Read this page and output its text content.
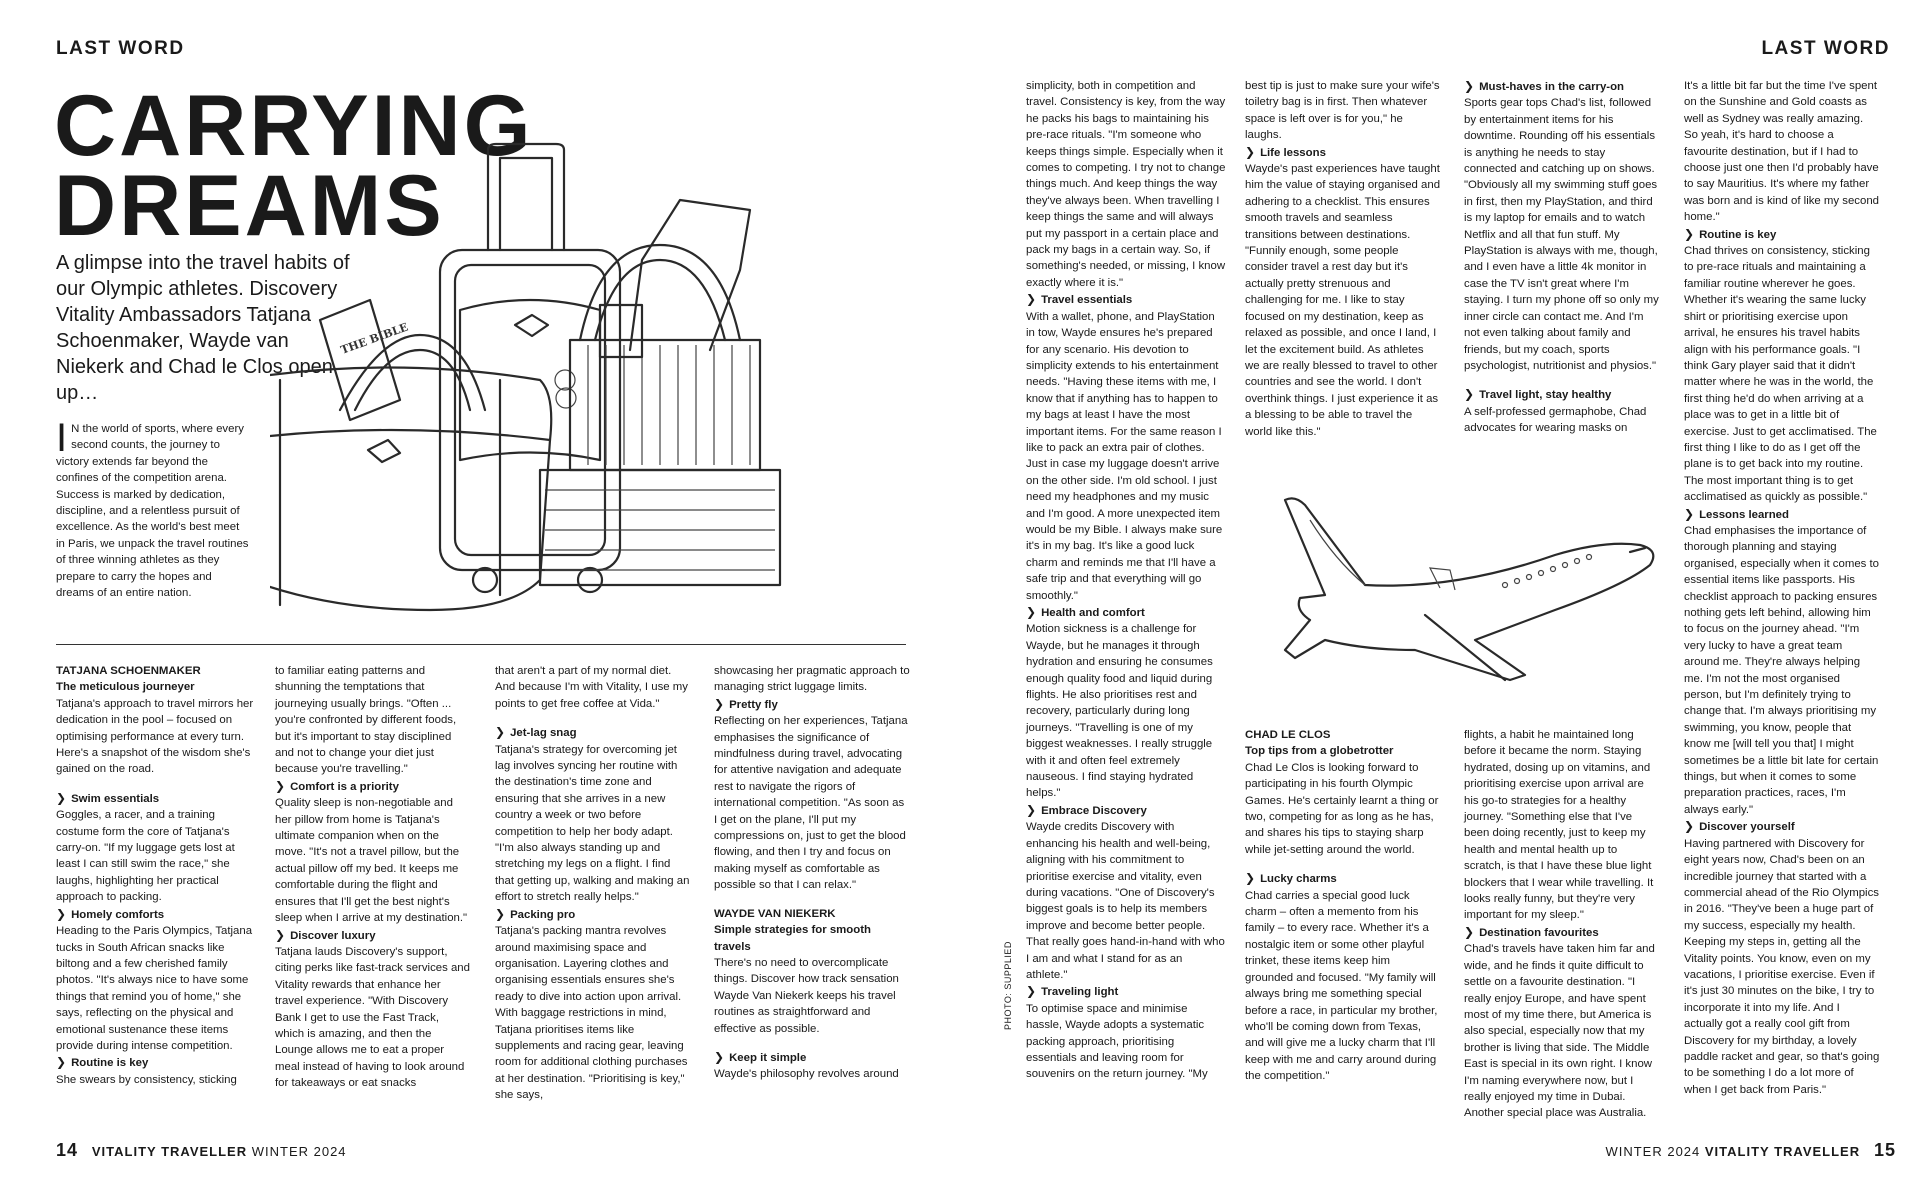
LAST WORD
CARRYING
DREAMS
A glimpse into the travel habits of our Olympic athletes. Discovery Vitality Ambassadors Tatjana Schoenmaker, Wayde van Niekerk and Chad le Clos open up…
I N the world of sports, where every second counts, the journey to victory extends far beyond the confines of the competition arena. Success is marked by dedication, discipline, and a relentless pursuit of excellence. As the world's best meet in Paris, we unpack the travel routines of three winning athletes as they prepare to carry the hopes and dreams of an entire nation.
THE BIBLE

TATJANA SCHOENMAKER

The meticulous journeyer

Tatjana's approach to travel mirrors her dedication in the pool – focused on optimising performance at every turn. Here's a snapshot of the wisdom she's gained on the road.

❯ Swim essentials

Goggles, a racer, and a training costume form the core of Tatjana's carry-on. "If my luggage gets lost at least I can still swim the race," she laughs, highlighting her practical approach to packing.

❯ Homely comforts

Heading to the Paris Olympics, Tatjana tucks in South African snacks like biltong and a few cherished family photos. "It's always nice to have some things that remind you of home," she says, reflecting on the physical and emotional sustenance these items provide during intense competition.

❯ Routine is key

She swears by consistency, sticking

to familiar eating patterns and shunning the temptations that journeying usually brings. "Often ... you're confronted by different foods, but it's important to stay disciplined and not to change your diet just because you're travelling."

❯ Comfort is a priority

Quality sleep is non-negotiable and her pillow from home is Tatjana's ultimate companion when on the move. "It's not a travel pillow, but the actual pillow off my bed. It keeps me comfortable during the flight and ensures that I'll get the best night's sleep when I arrive at my destination."

❯ Discover luxury

Tatjana lauds Discovery's support, citing perks like fast-track services and Vitality rewards that enhance her travel experience. "With Discovery Bank I get to use the Fast Track, which is amazing, and then the Lounge allows me to eat a proper meal instead of having to look around for takeaways or eat snacks

that aren't a part of my normal diet. And because I'm with Vitality, I use my points to get free coffee at Vida."

❯ Jet-lag snag

Tatjana's strategy for overcoming jet lag involves syncing her routine with the destination's time zone and ensuring that she arrives in a new country a week or two before competition to help her body adapt. "I'm also always standing up and stretching my legs on a flight. I find that getting up, walking and making an effort to stretch really helps."

❯ Packing pro

Tatjana's packing mantra revolves around maximising space and organisation. Layering clothes and organising essentials ensures she's ready to dive into action upon arrival. With baggage restrictions in mind, Tatjana prioritises items like supplements and racing gear, leaving room for additional clothing purchases at her destination. "Prioritising is key," she says,

showcasing her pragmatic approach to managing strict luggage limits.

❯ Pretty fly

Reflecting on her experiences, Tatjana emphasises the significance of mindfulness during travel, advocating for attentive navigation and adequate rest to navigate the rigors of international competition. "As soon as I get on the plane, I'll put my compressions on, just to get the blood flowing, and then I try and focus on making myself as comfortable as possible so that I can relax."

WAYDE VAN NIEKERK

Simple strategies for smooth travels

There's no need to overcomplicate things. Discover how track sensation Wayde Van Niekerk keeps his travel routines as straightforward and effective as possible.

❯ Keep it simple

Wayde's philosophy revolves around

14 VITALITY TRAVELLER WINTER 2024
LAST WORD

simplicity, both in competition and travel. Consistency is key, from the way he packs his bags to maintaining his pre-race rituals. "I'm someone who keeps things simple. Especially when it comes to competing. I try not to change things much. And keep things the way they've always been. When travelling I keep things the same and will always put my passport in a certain place and pack my bags in a certain way. So, if something's needed, or missing, I know exactly where it is."

❯ Travel essentials

With a wallet, phone, and PlayStation in tow, Wayde ensures he's prepared for any scenario. His devotion to simplicity extends to his entertainment needs. "Having these items with me, I know that if anything has to happen to my bags at least I have the most important items. For the same reason I like to pack an extra pair of clothes. Just in case my luggage doesn't arrive on the other side. I'm old school. I just need my headphones and my music and I'm good. A more unexpected item would be my Bible. I always make sure it's in my bag. It's like a good luck charm and reminds me that I'll have a safe trip and that everything will go smoothly."

❯ Health and comfort

Motion sickness is a challenge for Wayde, but he manages it through hydration and ensuring he consumes enough quality food and liquid during flights. He also prioritises rest and recovery, particularly during long journeys. "Travelling is one of my biggest weaknesses. I really struggle with it and often feel extremely nauseous. I find staying hydrated helps."

❯ Embrace Discovery

Wayde credits Discovery with enhancing his health and well-being, aligning with his commitment to prioritise exercise and vitality, even during vacations. "One of Discovery's biggest goals is to help its members improve and become better people. That really goes hand-in-hand with who I am and what I stand for as an athlete."

❯ Traveling light

To optimise space and minimise hassle, Wayde adopts a systematic packing approach, prioritising essentials and leaving room for souvenirs on the return journey. "My

best tip is just to make sure your wife's toiletry bag is in first. Then whatever space is left over is for you," he laughs.

❯ Life lessons

Wayde's past experiences have taught him the value of staying organised and adhering to a checklist. This ensures smooth travels and seamless transitions between destinations. "Funnily enough, some people consider travel a rest day but it's actually pretty strenuous and challenging for me. I like to stay focused on my destination, keep as relaxed as possible, and once I land, I let the excitement build. As athletes we are really blessed to travel to other countries and see the world. I don't overthink things. I just experience it as a blessing to be able to travel the world like this."

CHAD LE CLOS

Top tips from a globetrotter

Chad Le Clos is looking forward to participating in his fourth Olympic Games. He's certainly learnt a thing or two, competing for as long as he has, and shares his tips to staying sharp while jet-setting around the world.

❯ Lucky charms

Chad carries a special good luck charm – often a memento from his family – to every race. Whether it's a nostalgic item or some other playful trinket, these items keep him grounded and focused. "My family will always bring me something special before a race, in particular my brother, who'll be coming down from Texas, and will give me a lucky charm that I'll keep with me and carry around during the competition."

❯ Must-haves in the carry-on

Sports gear tops Chad's list, followed by entertainment items for his downtime. Rounding off his essentials is anything he needs to stay connected and catching up on shows. "Obviously all my swimming stuff goes in first, then my PlayStation, and third is my laptop for emails and to watch Netflix and all that fun stuff. My PlayStation is always with me, though, and I even have a little 4k monitor in case the TV isn't great where I'm staying. I turn my phone off so only my inner circle can contact me. And I'm not even talking about family and friends, but my coach, sports psychologist, nutritionist and physios."

❯ Travel light, stay healthy

A self-professed germaphobe, Chad advocates for wearing masks on

flights, a habit he maintained long before it became the norm. Staying hydrated, dosing up on vitamins, and prioritising exercise upon arrival are his go-to strategies for a healthy journey. "Something else that I've been doing recently, just to keep my health and mental health up to scratch, is that I have these blue light blockers that I wear while travelling. It looks really funny, but they're very important for my sleep."

❯ Destination favourites

Chad's travels have taken him far and wide, and he finds it quite difficult to settle on a favourite destination. "I really enjoy Europe, and have spent most of my time there, but America is also special, especially now that my brother is living that side. The Middle East is special in its own right. I know I'm naming everywhere now, but I really enjoyed my time in Dubai. Another special place was Australia.

It's a little bit far but the time I've spent on the Sunshine and Gold coasts as well as Sydney was really amazing. So yeah, it's hard to choose a favourite destination, but if I had to choose just one then I'd probably have to say Mauritius. It's where my father was born and is kind of like my second home."

❯ Routine is key

Chad thrives on consistency, sticking to pre-race rituals and maintaining a familiar routine wherever he goes. Whether it's wearing the same lucky shirt or prioritising exercise upon arrival, he ensures his travel habits align with his performance goals. "I think Gary player said that it didn't matter where he was in the world, the first thing he'd do when arriving at a place was to get in a little bit of exercise. Just to get acclimatised. The first thing I like to do as I get off the plane is to get back into my routine. The most important thing is to get acclimatised as quickly as possible."

❯ Lessons learned

Chad emphasises the importance of thorough planning and staying organised, especially when it comes to essential items like passports. His checklist approach to packing ensures nothing gets left behind, allowing him to focus on the journey ahead. "I'm very lucky to have a great team around me. They're always helping me. I'm not the most organised person, but I'm definitely trying to change that. I'm always prioritising my swimming, you know, people that know me [will tell you that] I might sometimes be a little bit late for certain things, but when it comes to some preparation practices, races, I'm always early."

❯ Discover yourself

Having partnered with Discovery for eight years now, Chad's been on an incredible journey that started with a commercial ahead of the Rio Olympics in 2016. "They've been a huge part of my success, especially my health. Keeping my steps in, getting all the Vitality points. You know, even on my vacations, I prioritise exercise. Even if it's just 30 minutes on the bike, I try to incorporate it into my life. And I actually got a really cool gift from Discovery for my birthday, a lovely paddle racket and gear, so that's going to be something I do a lot more of when I get back from Paris."

WINTER 2024 VITALITY TRAVELLER 15
PHOTO: SUPPLIED
